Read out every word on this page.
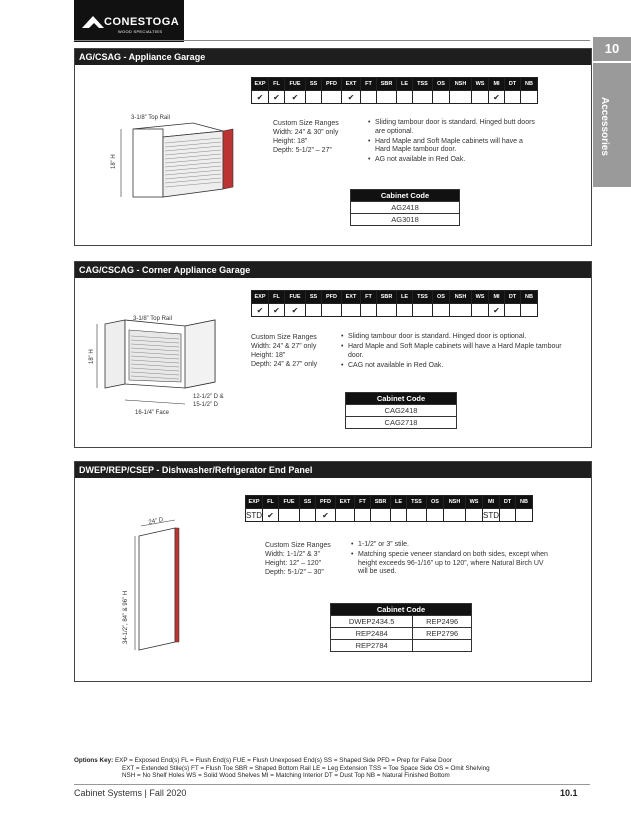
CONESTOGA
WOOD SPECIALTIES
10
Accessories
AG/CSAG - Appliance Garage
EXP	FL	FUE	SS	PFD	EXT	FT	SBR	LE	TSS	OS	NSH	WS	MI	DT	NB
✔	✔	✔			✔								✔		
3-1/8” Top Rail
18” H
Custom Size Ranges
Width: 24” & 30” only
Height: 18”
Depth: 5-1/2” – 27”
• Sliding tambour door is standard. Hinged butt doors are optional.
• Hard Maple and Soft Maple cabinets will have a Hard Maple tambour door.
• AG not available in Red Oak.
Cabinet Code
AG2418
AG3018
CAG/CSCAG - Corner Appliance Garage
EXP	FL	FUE	SS	PFD	EXT	FT	SBR	LE	TSS	OS	NSH	WS	MI	DT	NB
✔	✔	✔											✔		
3-1/8” Top Rail
18” H
16-1/4” Face
12-1/2” D &
15-1/2” D
Custom Size Ranges
Width: 24” & 27” only
Height: 18”
Depth: 24” & 27” only
• Sliding tambour door is standard. Hinged door is optional.
• Hard Maple and Soft Maple cabinets will have a Hard Maple tambour door.
• CAG not available in Red Oak.
Cabinet Code
CAG2418
CAG2718
DWEP/REP/CSEP - Dishwasher/Refrigerator End Panel
EXP	FL	FUE	SS	PFD	EXT	FT	SBR	LE	TSS	OS	NSH	WS	MI	DT	NB
STD	✔			✔									STD		
24” D
34-1/2”, 84” & 96” H
Custom Size Ranges
Width: 1-1/2” & 3”
Height: 12” – 120”
Depth: 5-1/2” – 30”
• 1-1/2” or 3” stile.
• Matching specie veneer standard on both sides, except when height exceeds 96-1/16” up to 120”, where Natural Birch UV will be used.
Cabinet Code	
DWEP2434.5	REP2496
REP2484	REP2796
REP2784	
Options Key: EXP = Exposed End(s) FL = Flush End(s) FUE = Flush Unexposed End(s) SS = Shaped Side PFD = Prep for False Door
EXT = Extended Stile(s) FT = Flush Toe SBR = Shaped Bottom Rail LE = Leg Extension TSS = Toe Space Side OS = Omit Shelving
NSH = No Shelf Holes WS = Solid Wood Shelves MI = Matching Interior DT = Dust Top NB = Natural Finished Bottom
Cabinet Systems | Fall 2020	10.1
